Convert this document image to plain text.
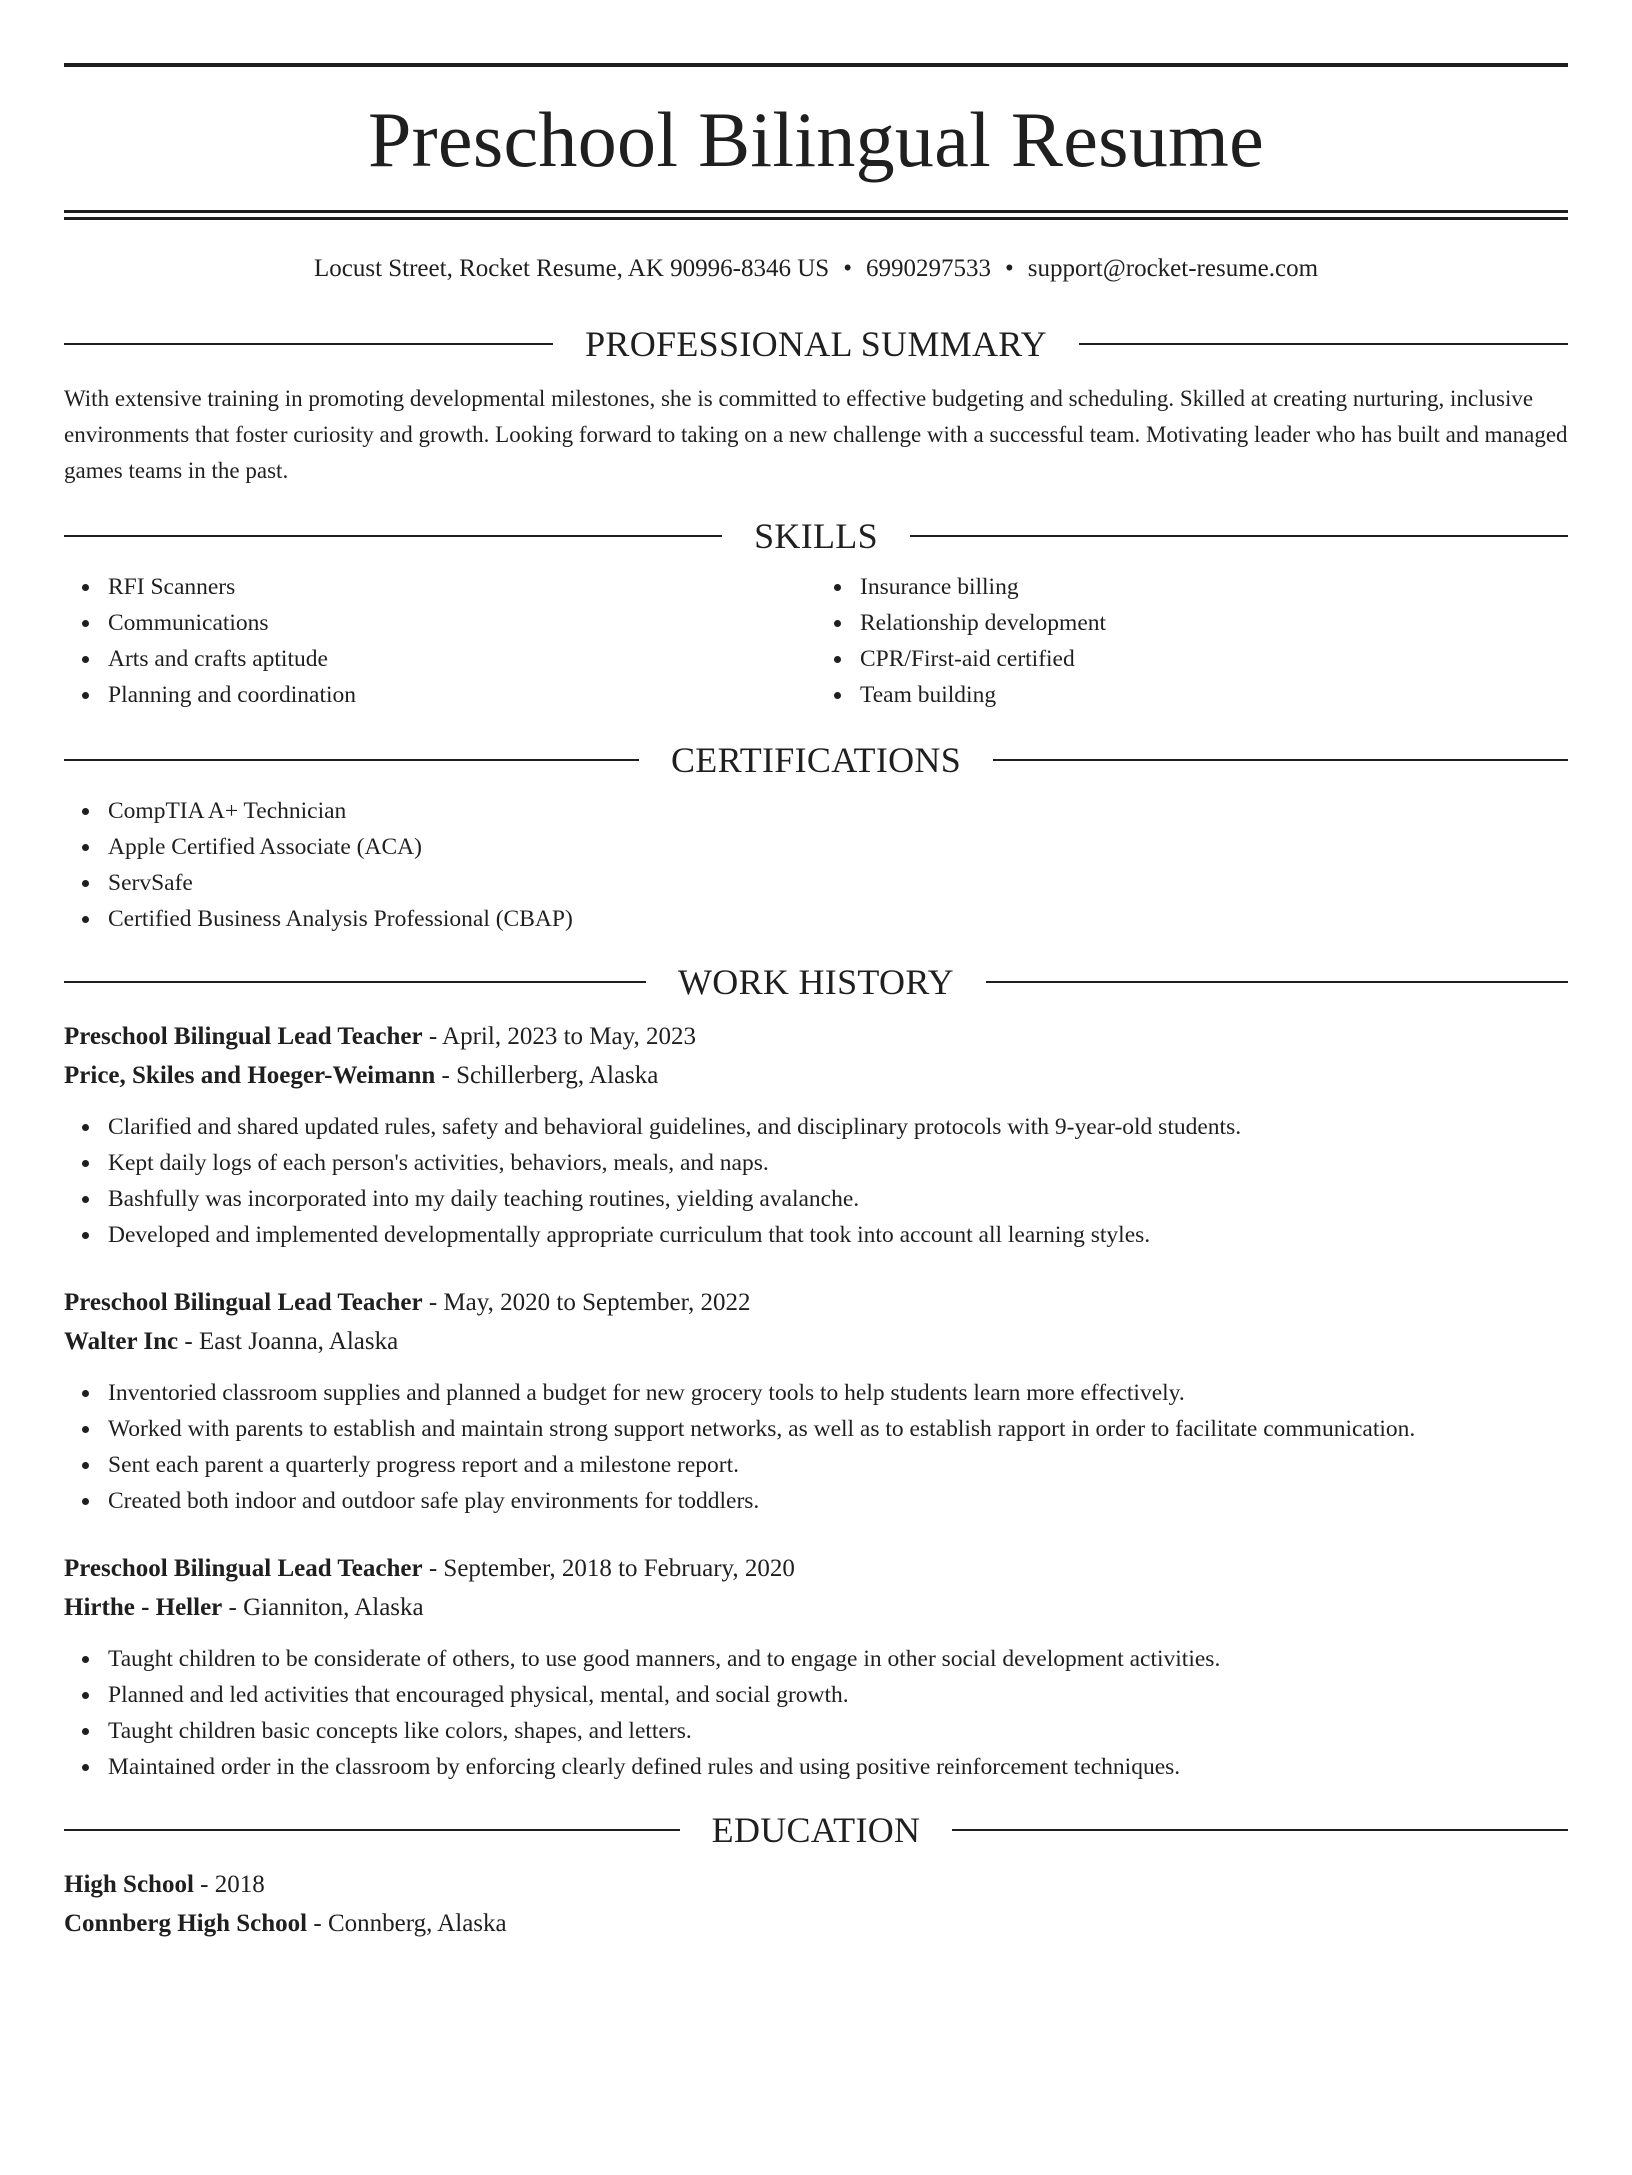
Preschool Bilingual Resume
Locust Street, Rocket Resume, AK 90996-8346 US • 6990297533 • support@rocket-resume.com
PROFESSIONAL SUMMARY

With extensive training in promoting developmental milestones, she is committed to effective budgeting and scheduling. Skilled at creating nurturing, inclusive environments that foster curiosity and growth. Looking forward to taking on a new challenge with a successful team. Motivating leader who has built and managed games teams in the past.

SKILLS
RFI Scanners
Communications
Arts and crafts aptitude
Planning and coordination
Insurance billing
Relationship development
CPR/First-aid certified
Team building
CERTIFICATIONS
CompTIA A+ Technician
Apple Certified Associate (ACA)
ServSafe
Certified Business Analysis Professional (CBAP)
WORK HISTORY
Preschool Bilingual Lead Teacher - April, 2023 to May, 2023
Price, Skiles and Hoeger-Weimann - Schillerberg, Alaska
Clarified and shared updated rules, safety and behavioral guidelines, and disciplinary protocols with 9-year-old students.
Kept daily logs of each person's activities, behaviors, meals, and naps.
Bashfully was incorporated into my daily teaching routines, yielding avalanche.
Developed and implemented developmentally appropriate curriculum that took into account all learning styles.
Preschool Bilingual Lead Teacher - May, 2020 to September, 2022
Walter Inc - East Joanna, Alaska
Inventoried classroom supplies and planned a budget for new grocery tools to help students learn more effectively.
Worked with parents to establish and maintain strong support networks, as well as to establish rapport in order to facilitate communication.
Sent each parent a quarterly progress report and a milestone report.
Created both indoor and outdoor safe play environments for toddlers.
Preschool Bilingual Lead Teacher - September, 2018 to February, 2020
Hirthe - Heller - Gianniton, Alaska
Taught children to be considerate of others, to use good manners, and to engage in other social development activities.
Planned and led activities that encouraged physical, mental, and social growth.
Taught children basic concepts like colors, shapes, and letters.
Maintained order in the classroom by enforcing clearly defined rules and using positive reinforcement techniques.
EDUCATION
High School - 2018
Connberg High School - Connberg, Alaska
